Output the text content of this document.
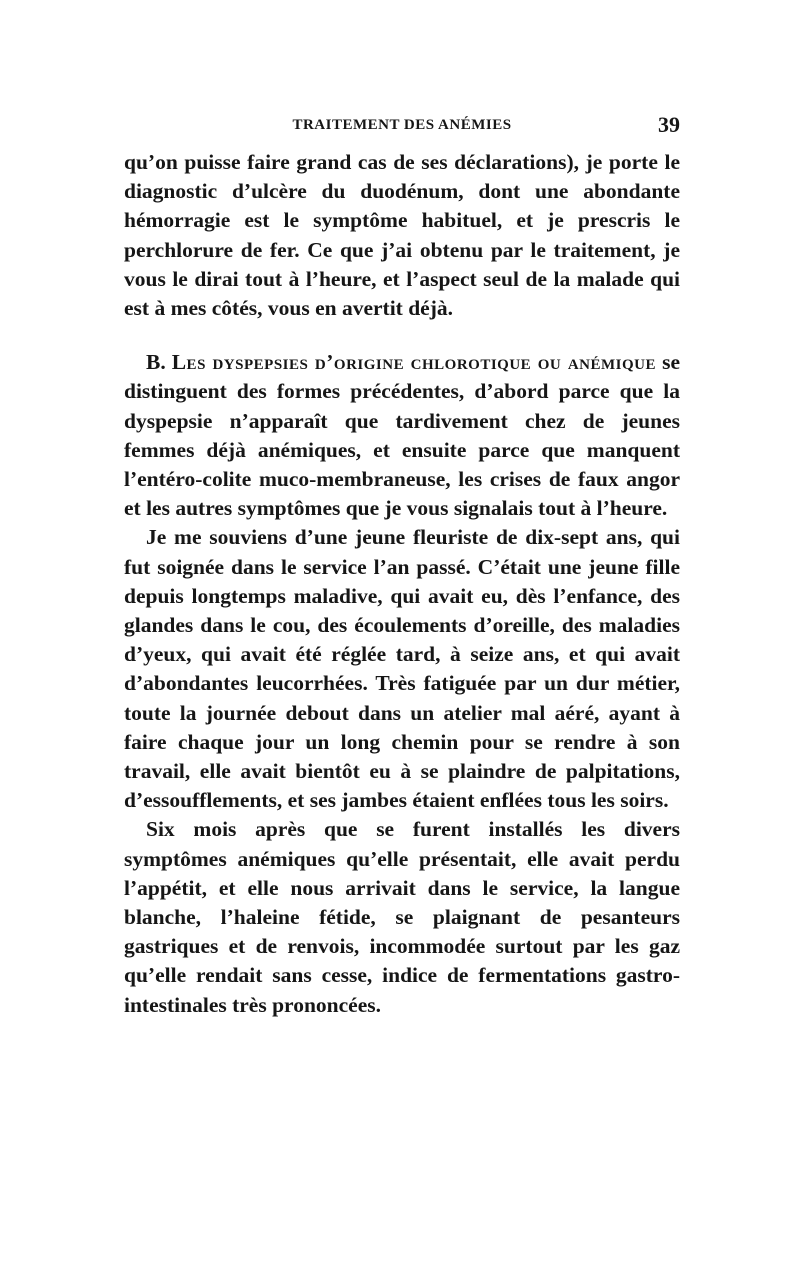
TRAITEMENT DES ANÉMIES	39

qu’on puisse faire grand cas de ses déclarations), je porte le diagnostic d’ulcère du duodénum, dont une abondante hémorragie est le symptôme habituel, et je prescris le perchlorure de fer. Ce que j’ai obtenu par le traitement, je vous le dirai tout à l’heure, et l’aspect seul de la malade qui est à mes côtés, vous en avertit déjà.

B. Les dyspepsies d’origine chlorotique ou anémique se distinguent des formes précédentes, d’abord parce que la dyspepsie n’apparaît que tardivement chez de jeunes femmes déjà anémiques, et ensuite parce que manquent l’entéro-colite muco-membraneuse, les crises de faux angor et les autres symptômes que je vous signalais tout à l’heure.

Je me souviens d’une jeune fleuriste de dix-sept ans, qui fut soignée dans le service l’an passé. C’était une jeune fille depuis longtemps maladive, qui avait eu, dès l’enfance, des glandes dans le cou, des écoulements d’oreille, des maladies d’yeux, qui avait été réglée tard, à seize ans, et qui avait d’abondantes leucorrhées. Très fatiguée par un dur métier, toute la journée debout dans un atelier mal aéré, ayant à faire chaque jour un long chemin pour se rendre à son travail, elle avait bientôt eu à se plaindre de palpitations, d’essoufflements, et ses jambes étaient enflées tous les soirs.

Six mois après que se furent installés les divers symptômes anémiques qu’elle présentait, elle avait perdu l’appétit, et elle nous arrivait dans le service, la langue blanche, l’haleine fétide, se plaignant de pesanteurs gastriques et de renvois, incommodée surtout par les gaz qu’elle rendait sans cesse, indice de fermentations gastro-intestinales très prononcées.
